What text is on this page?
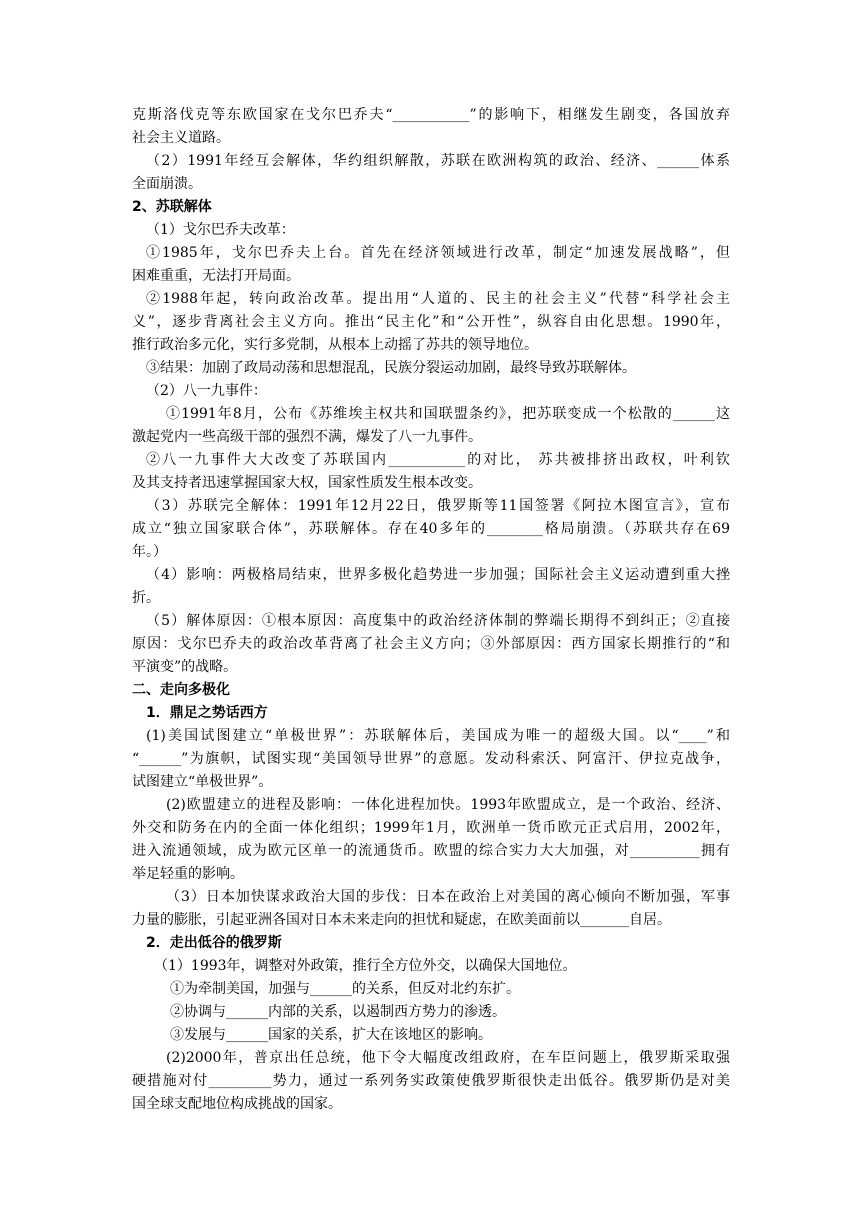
克斯洛伐克等东欧国家在戈尔巴乔夫“___________”的影响下，相继发生剧变，各国放弃
社会主义道路。
（2）1991年经互会解体，华约组织解散，苏联在欧洲构筑的政治、经济、______体系
全面崩溃。
2、苏联解体
（1）戈尔巴乔夫改革：
①1985年，戈尔巴乔夫上台。首先在经济领域进行改革，制定“加速发展战略”，但
困难重重，无法打开局面。
②1988年起，转向政治改革。提出用“人道的、民主的社会主义”代替“科学社会主
义”，逐步背离社会主义方向。推出“民主化”和“公开性”，纵容自由化思想。1990年，
推行政治多元化，实行多党制，从根本上动摇了苏共的领导地位。
③结果：加剧了政局动荡和思想混乱，民族分裂运动加剧，最终导致苏联解体。
（2）八一九事件：
①1991年8月，公布《苏维埃主权共和国联盟条约》，把苏联变成一个松散的______这
激起党内一些高级干部的强烈不满，爆发了八一九事件。
②八一九事件大大改变了苏联国内___________的对比， 苏共被排挤出政权，叶利钦
及其支持者迅速掌握国家大权，国家性质发生根本改变。
（3）苏联完全解体：1991年12月22日，俄罗斯等11国签署《阿拉木图宣言》，宣布
成立“独立国家联合体”，苏联解体。存在40多年的________格局崩溃。（苏联共存在69
年。）
（4）影响：两极格局结束，世界多极化趋势进一步加强；国际社会主义运动遭到重大挫
折。
（5）解体原因：①根本原因：高度集中的政治经济体制的弊端长期得不到纠正；②直接
原因：戈尔巴乔夫的政治改革背离了社会主义方向；③外部原因：西方国家长期推行的“和
平演变”的战略。
二、走向多极化
1．鼎足之势话西方
(1)美国试图建立“单极世界”：苏联解体后，美国成为唯一的超级大国。以“____”和
“______”为旗帜，试图实现“美国领导世界”的意愿。发动科索沃、阿富汗、伊拉克战争，
试图建立“单极世界”。
(2)欧盟建立的进程及影响：一体化进程加快。1993年欧盟成立，是一个政治、经济、
外交和防务在内的全面一体化组织；1999年1月，欧洲单一货币欧元正式启用，2002年，
进入流通领域，成为欧元区单一的流通货币。欧盟的综合实力大大加强，对__________拥有
举足轻重的影响。
（3）日本加快谋求政治大国的步伐：日本在政治上对美国的离心倾向不断加强，军事
力量的膨胀，引起亚洲各国对日本未来走向的担忧和疑虑，在欧美面前以_______自居。
2．走出低谷的俄罗斯
（1）1993年，调整对外政策，推行全方位外交，以确保大国地位。
①为牵制美国，加强与______的关系，但反对北约东扩。
②协调与______内部的关系，以遏制西方势力的渗透。
③发展与______国家的关系，扩大在该地区的影响。
(2)2000年，普京出任总统，他下令大幅度改组政府，在车臣问题上，俄罗斯采取强
硬措施对付_________势力，通过一系列务实政策使俄罗斯很快走出低谷。俄罗斯仍是对美
国全球支配地位构成挑战的国家。
